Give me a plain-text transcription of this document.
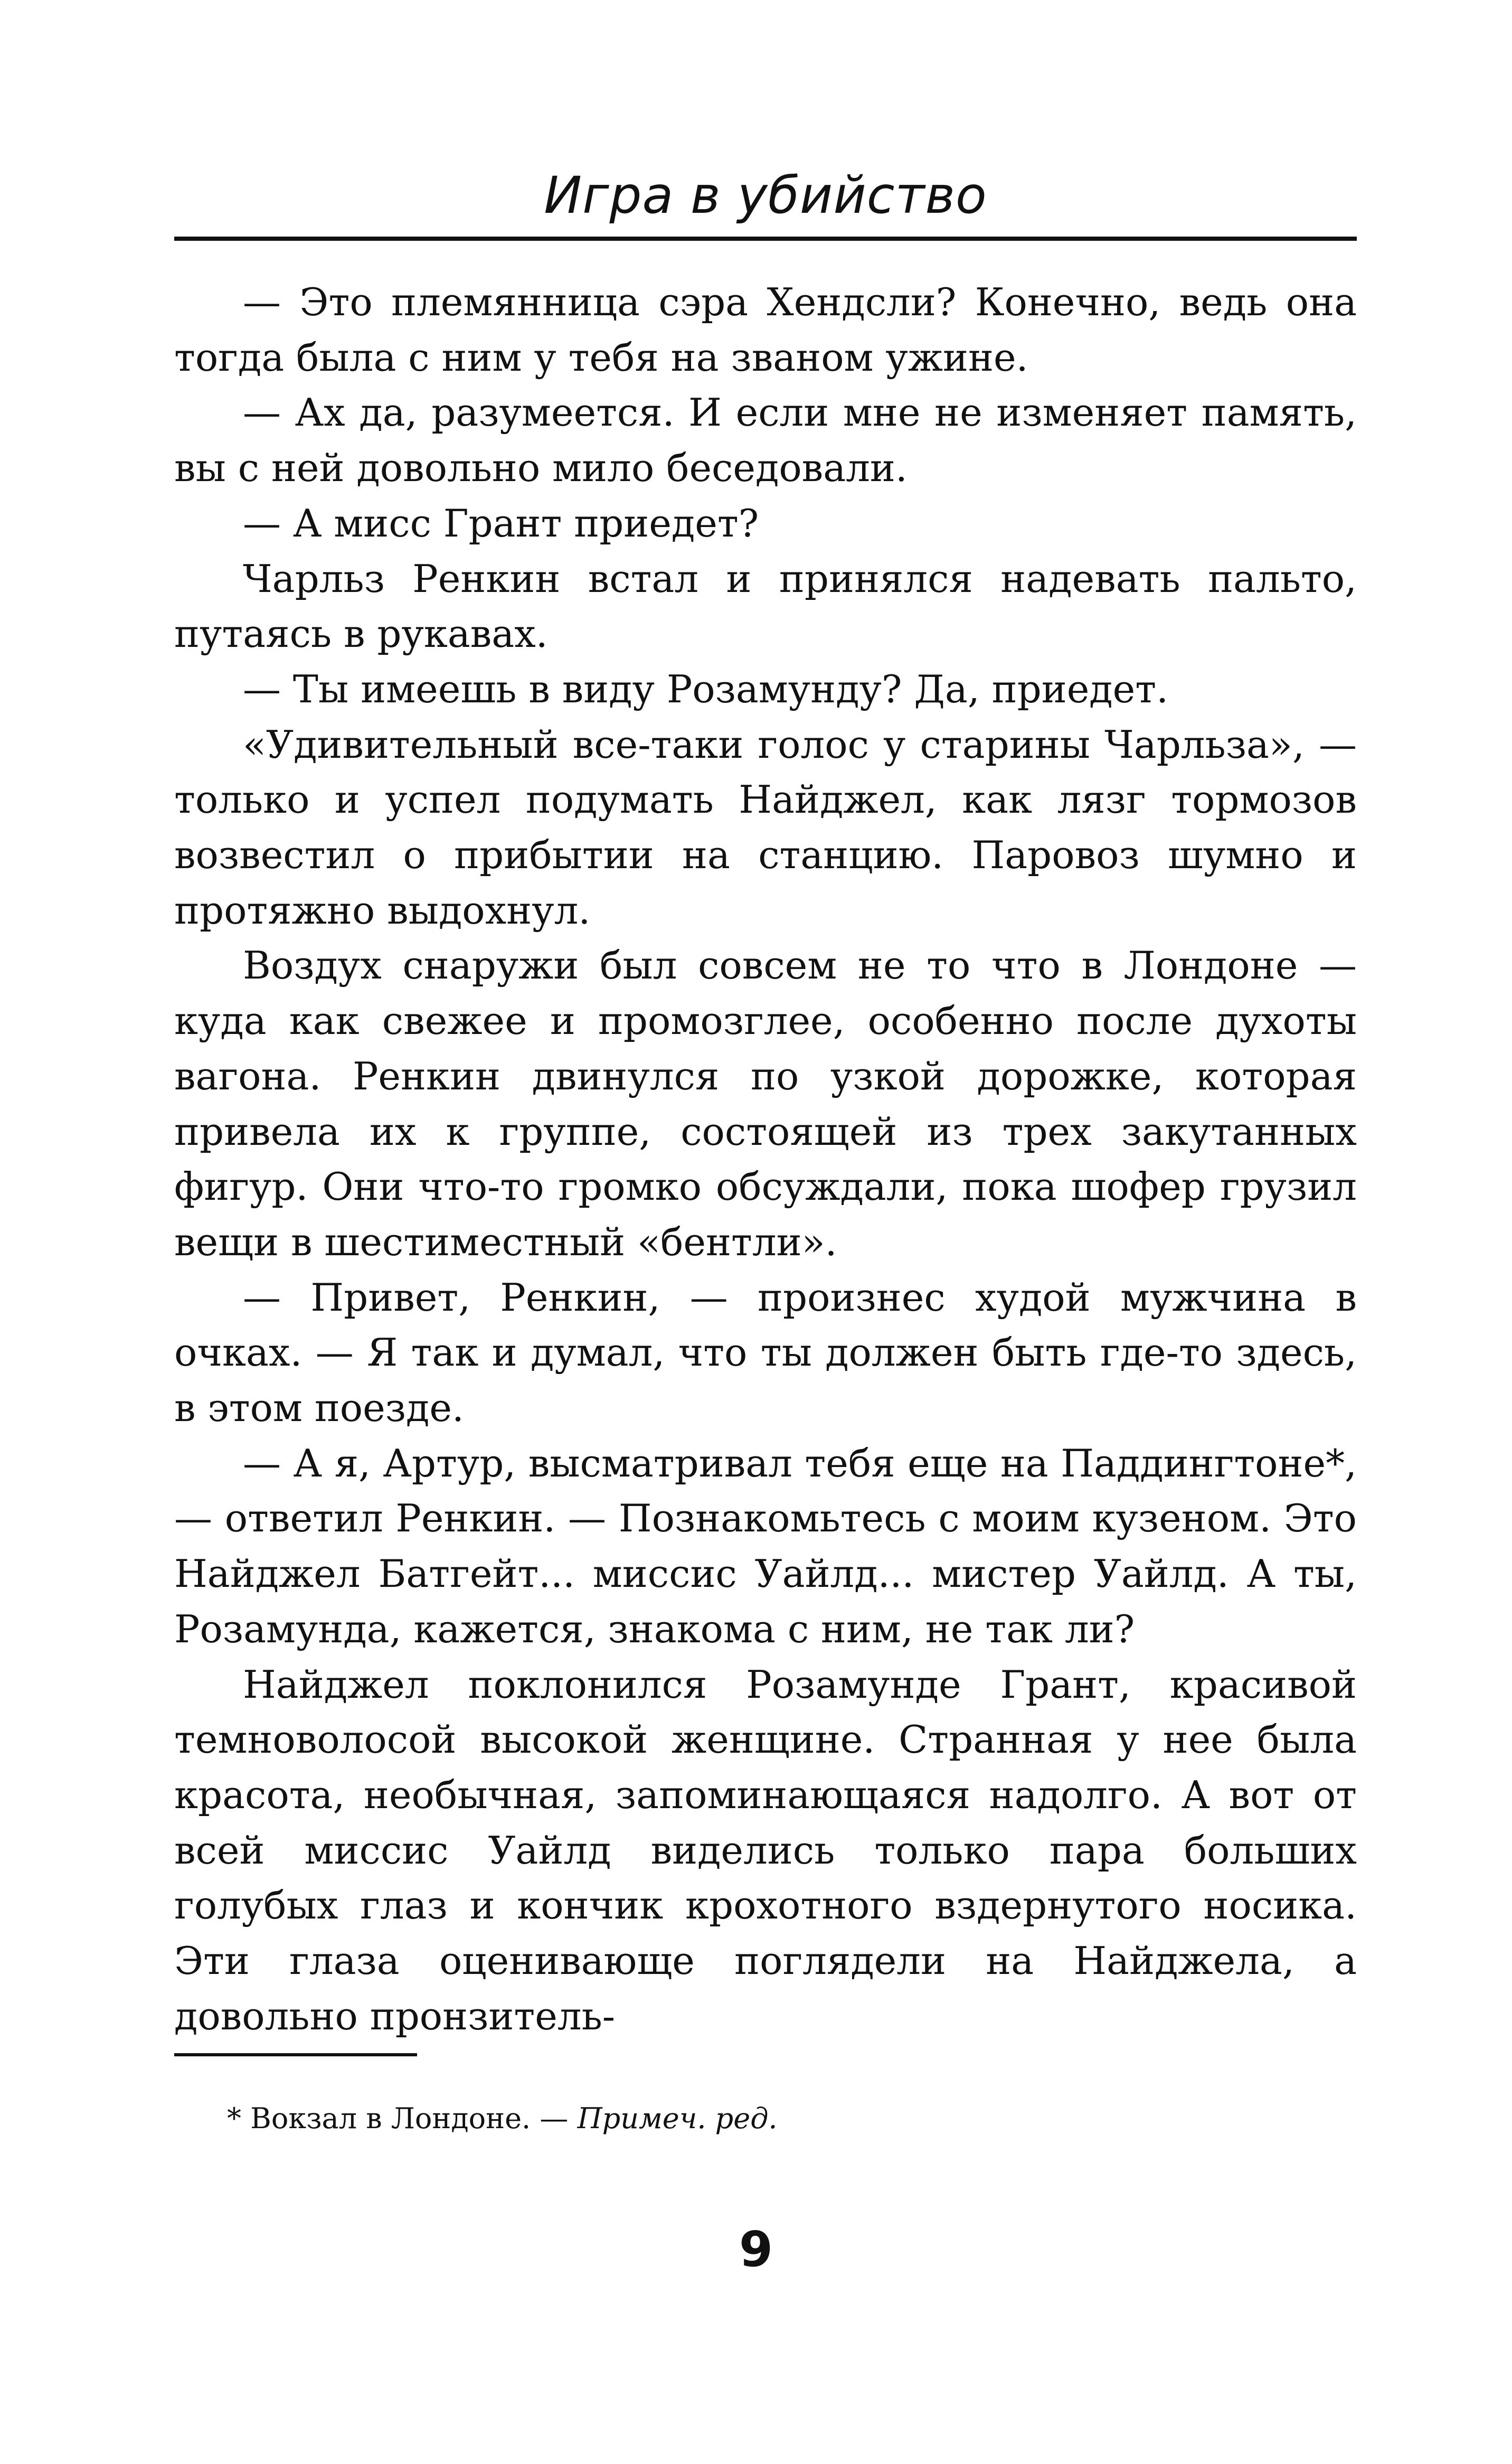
Игра в убийство

— Это племянница сэра Хендсли? Конечно, ведь она тогда была с ним у тебя на званом ужине.

— Ах да, разумеется. И если мне не изменяет память, вы с ней довольно мило беседовали.

— А мисс Грант приедет?

Чарльз Ренкин встал и принялся надевать пальто, путаясь в рукавах.

— Ты имеешь в виду Розамунду? Да, приедет.

«Удивительный все-таки голос у старины Чарльза», — только и успел подумать Найджел, как лязг тормозов возвестил о прибытии на станцию. Паровоз шумно и протяжно выдохнул.

Воздух снаружи был совсем не то что в Лондоне — куда как свежее и промозглее, особенно после духоты вагона. Ренкин двинулся по узкой дорожке, которая привела их к группе, состоящей из трех закутанных фигур. Они что-то громко обсуждали, пока шофер грузил вещи в шестиместный «бентли».

— Привет, Ренкин, — произнес худой мужчина в очках. — Я так и думал, что ты должен быть где-то здесь, в этом поезде.

— А я, Артур, высматривал тебя еще на Паддингтоне*, — ответил Ренкин. — Познакомьтесь с моим кузеном. Это Найджел Батгейт... миссис Уайлд... мистер Уайлд. А ты, Розамунда, кажется, знакома с ним, не так ли?

Найджел поклонился Розамунде Грант, красивой темноволосой высокой женщине. Странная у нее была красота, необычная, запоминающаяся надолго. А вот от всей миссис Уайлд виделись только пара больших голубых глаз и кончик крохотного вздернутого носика. Эти глаза оценивающе поглядели на Найджела, а довольно пронзитель-

* Вокзал в Лондоне. — Примеч. ред.
9
